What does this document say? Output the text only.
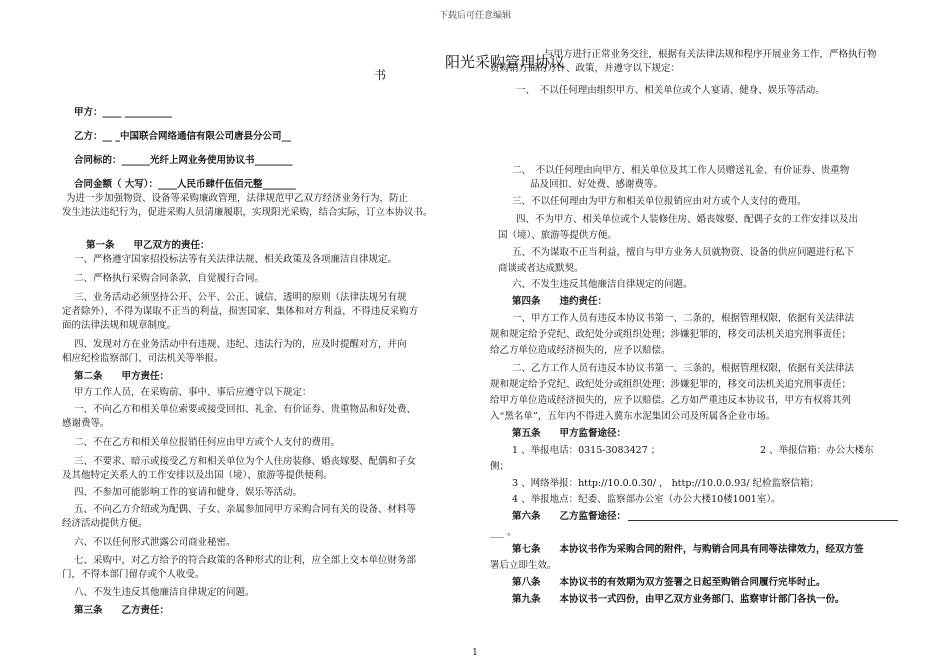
下载后可任意编辑
阳光采购管理协议
书
甲方：____ __________
乙方：__ _中国联合网络通信有限公司唐县分公司__
合同标的：______光纤上网业务使用协议书________
合同金额（ 大写）：____人民币肆仟伍佰元整_______
为进一步加强物资、设备等采购廉政管理，法律规范甲乙双方经济业务行为，防止
发生违法违纪行为，促进采购人员清廉履职，实现阳光采购，结合实际，订立本协议书。
第一条　　甲乙双方的责任：
一、严格遵守国家招投标法等有关法律法规、相关政策及各项廉洁自律规定。
二、严格执行采购合同条款，自觉履行合同。
三、业务活动必须坚持公开、公平、公正、诚信、透明的原则（法律法规另有规
定者除外），不得为谋取不正当的利益，损害国家、集体和对方利益，不得违反采购方
面的法律法规和规章制度。
四、发现对方在业务活动中有违规、违纪、违法行为的，应及时提醒对方，并向
相应纪检监察部门、司法机关等举报。
第二条　　甲方责任：
甲方工作人员，在采购前、事中、事后应遵守以下规定：
一、不向乙方和相关单位索要或接受回扣、礼金、有价证券、贵重物品和好处费、
感谢费等。
二、不在乙方和相关单位报销任何应由甲方或个人支付的费用。
三、不要求、暗示或接受乙方和相关单位为个人住房装修、婚丧嫁娶、配偶和子女
及其他特定关系人的工作安排以及出国（境）、旅游等提供便利。
四、不参加可能影响工作的宴请和健身、娱乐等活动。
五、不向乙方介绍或为配偶、子女、亲属参加同甲方采购合同有关的设备、材料等
经济活动提供方便。
六、不以任何形式泄露公司商业秘密。
七、采购中，对乙方给予的符合政策的各种形式的让利，应全部上交本单位财务部
门，不得本部门留存或个人收受。
八、不发生违反其他廉洁自律规定的问题。
第三条　　乙方责任：
与甲方进行正常业务交往，根据有关法律法规和程序开展业务工作，严格执行物
资购销方面的方针、政策，并遵守以下规定：
一、　不以任何理由组织甲方、相关单位或个人宴请、健身、娱乐等活动。
二、　不以任何理由向甲方、相关单位及其工作人员赠送礼金、有价证券、贵重物
品及回扣、好处费、感谢费等。
三、不以任何理由为甲方和相关单位报销应由对方或个人支付的费用。
四、不为甲方、相关单位或个人装修住房、婚丧嫁娶、配偶子女的工作安排以及出
国（境）、旅游等提供方便。
五、不为谋取不正当利益，擅自与甲方业务人员就物资、设备的供应问题进行私下
商谈或者达成默契。
六、不发生违反其他廉洁自律规定的问题。
第四条　　违约责任：
一、甲方工作人员有违反本协议书第一、二条的，根据管理权限，依据有关法律法
规和规定给予党纪、政纪处分或组织处理；涉嫌犯罪的，移交司法机关追究刑事责任；
给乙方单位造成经济损失的，应予以赔偿。
二、乙方工作人员有违反本协议书第一、三条的，根据管理权限，依据有关法律法
规和规定给予党纪、政纪处分或组织处理；涉嫌犯罪的，移交司法机关追究刑事责任；
给甲方单位造成经济损失的，应予以赔偿。乙方如严重违反本协议书，甲方有权将其列
入“黑名单”，五年内不得进入冀东水泥集团公司及所属各企业市场。
第五条　　甲方监督途径：
1 、举报电话：0315-3083427 ；	2 、举报信箱：办公大楼东
侧；
3 、网络举报：http://10.0.0.30/ ， http://10.0.0.93/ 纪检监察信箱；
4 、举报地点：纪委、监察部办公室（办公大楼10楼1001室）。
第六条　　乙方监督途径：
___ 。
第七条　　本协议书作为采购合同的附件，与购销合同具有同等法律效力，经双方签
署后立即生效。
第八条　　本协议书的有效期为双方签署之日起至购销合同履行完毕时止。
第九条　　本协议书一式四份，由甲乙双方业务部门、监察审计部门各执一份。
1
